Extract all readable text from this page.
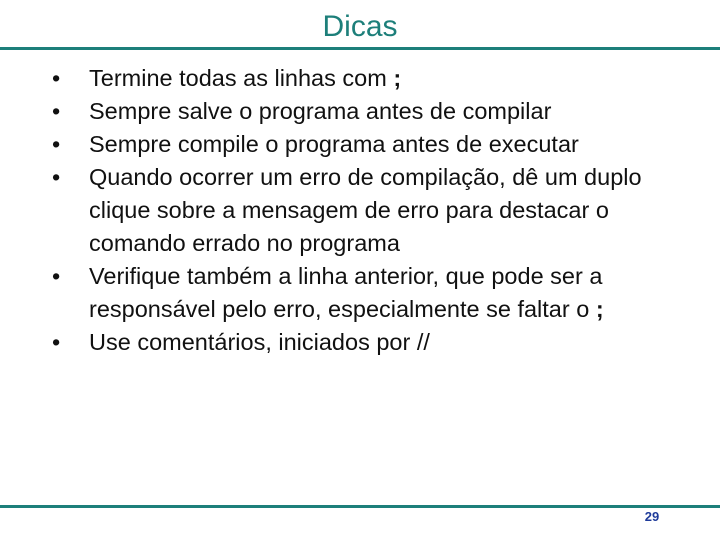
Dicas
•	Termine todas as linhas com ;
•	Sempre salve o programa antes de compilar
•	Sempre compile o programa antes de executar
•	Quando ocorrer um erro de compilação, dê um duplo clique sobre a mensagem de erro para destacar o comando errado no programa
•	Verifique também a linha anterior, que pode ser a responsável pelo erro, especialmente se faltar o ;
•	Use comentários, iniciados por //
29
